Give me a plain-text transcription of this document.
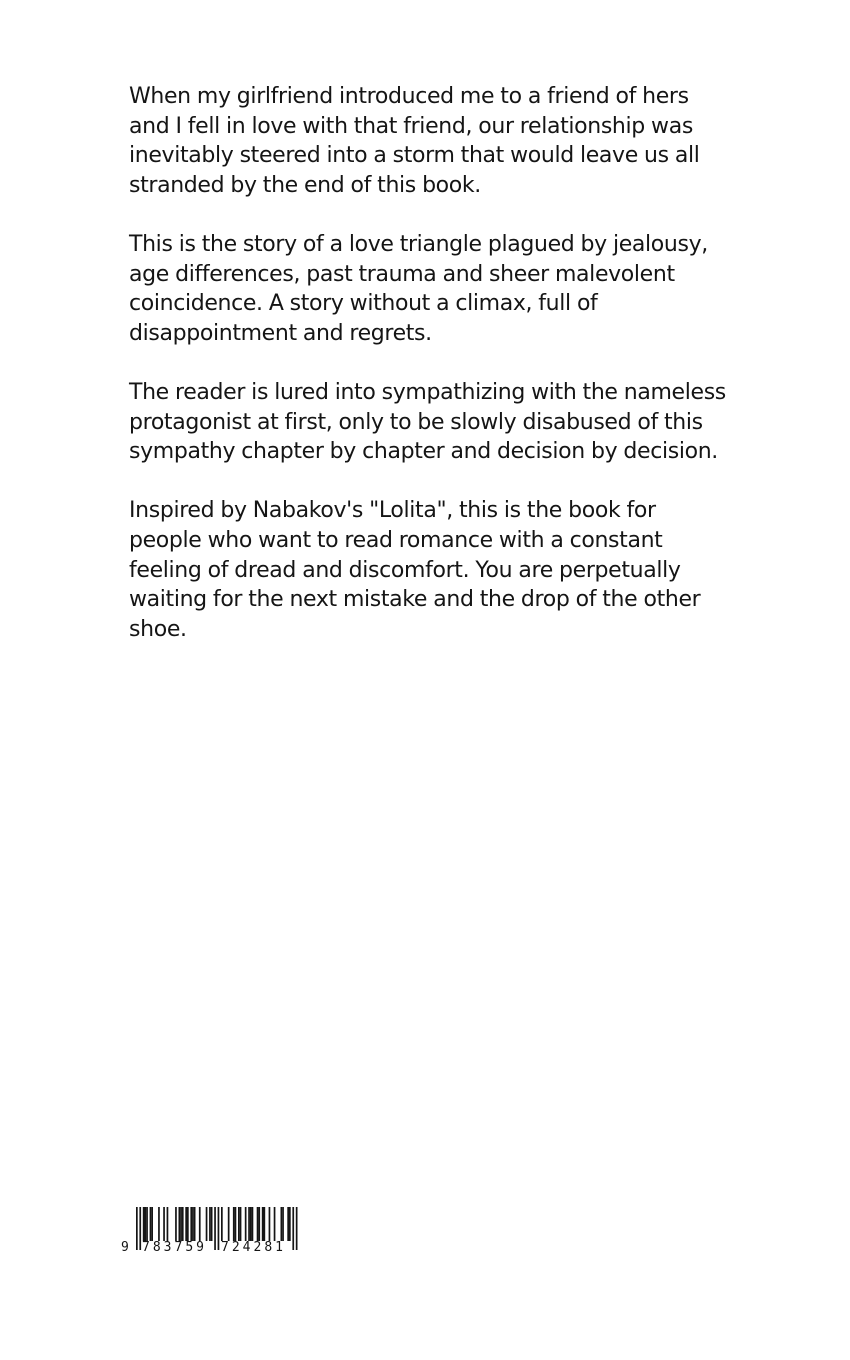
When my girlfriend introduced me to a friend of hers
and I fell in love with that friend, our relationship was
inevitably steered into a storm that would leave us all
stranded by the end of this book.

This is the story of a love triangle plagued by jealousy,
age differences, past trauma and sheer malevolent
coincidence. A story without a climax, full of
disappointment and regrets.

The reader is lured into sympathizing with the nameless
protagonist at first, only to be slowly disabused of this
sympathy chapter by chapter and decision by decision.

Inspired by Nabakov's "Lolita", this is the book for
people who want to read romance with a constant
feeling of dread and discomfort. You are perpetually
waiting for the next mistake and the drop of the other
shoe.

9 783759 724281
